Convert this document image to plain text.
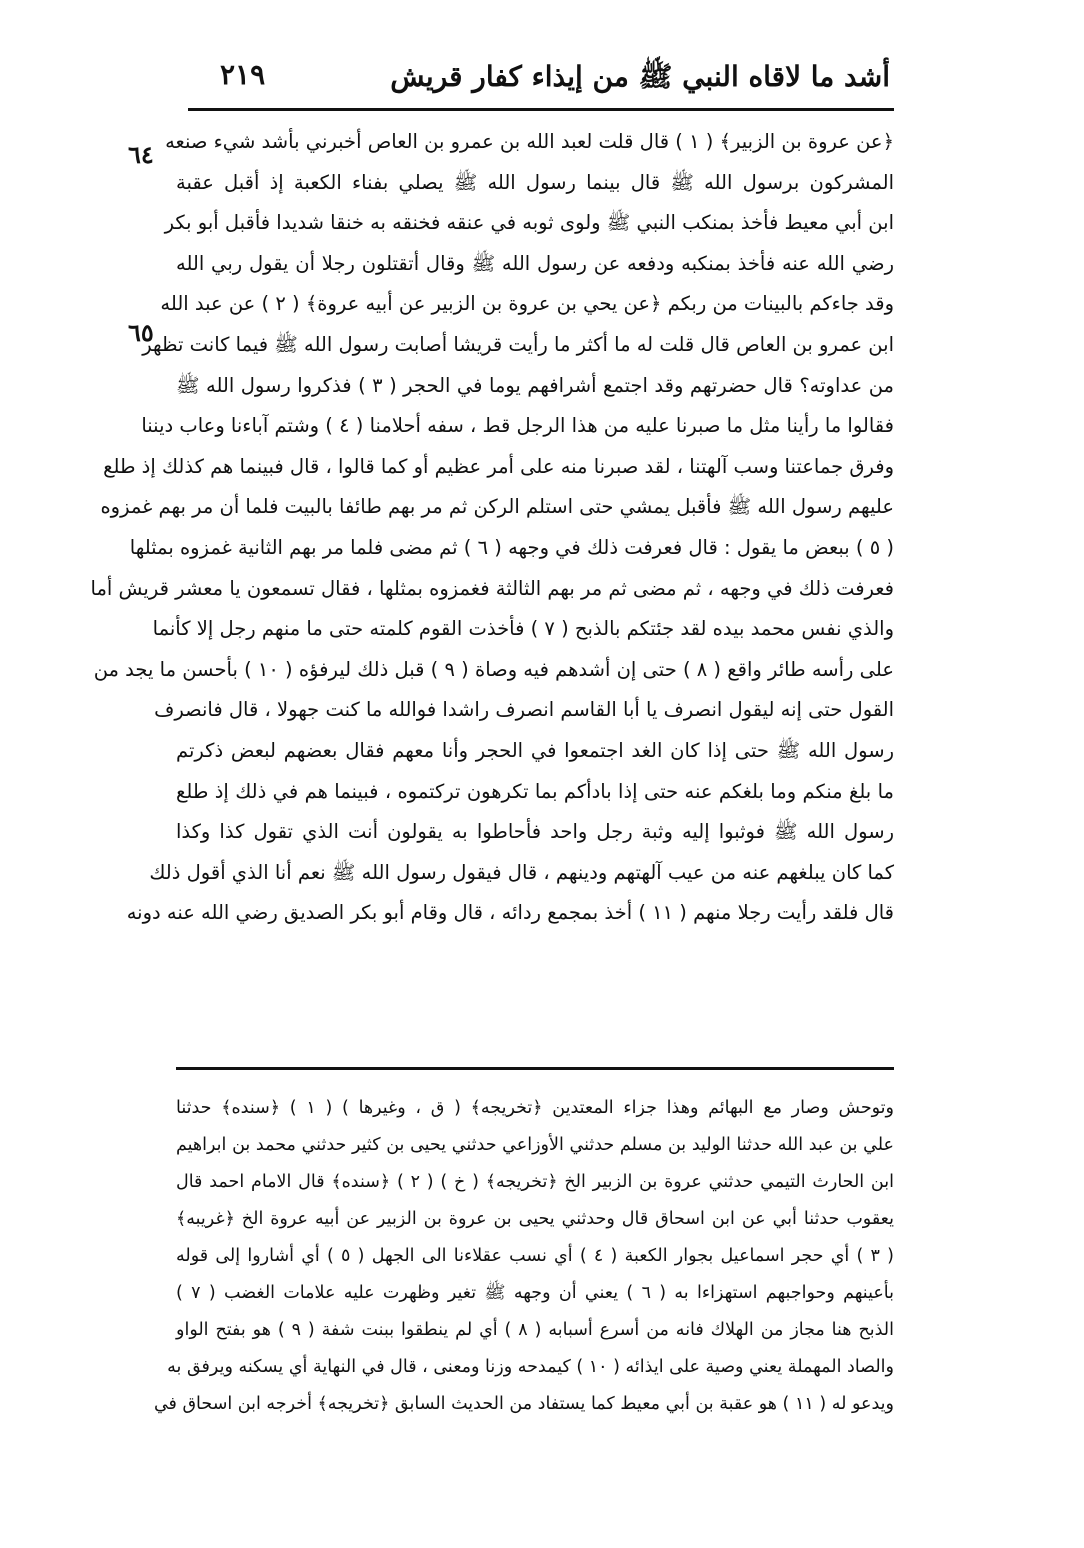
أشد ما لاقاه النبي ﷺ من إيذاء كفار قريش
٢١٩
٦٤
٦٥
﴿عن عروة بن الزبير﴾ ( ١ ) قال قلت لعبد الله بن عمرو بن العاص أخبرني بأشد شيء صنعه
المشركون برسول الله ﷺ قال بينما رسول الله ﷺ يصلي بفناء الكعبة إذ أقبل عقبة
ابن أبي معيط فأخذ بمنكب النبي ﷺ ولوى ثوبه في عنقه فخنقه به خنقا شديدا فأقبل أبو بكر
رضي الله عنه فأخذ بمنكبه ودفعه عن رسول الله ﷺ وقال أتقتلون رجلا أن يقول ربي الله
وقد جاءكم بالبينات من ربكم ﴿عن يحي بن عروة بن الزبير عن أبيه عروة﴾ ( ٢ ) عن عبد الله
ابن عمرو بن العاص قال قلت له ما أكثر ما رأيت قريشا أصابت رسول الله ﷺ فيما كانت تظهر
من عداوته؟ قال حضرتهم وقد اجتمع أشرافهم يوما في الحجر ( ٣ ) فذكروا رسول الله ﷺ
فقالوا ما رأينا مثل ما صبرنا عليه من هذا الرجل قط ، سفه أحلامنا ( ٤ ) وشتم آباءنا وعاب ديننا
وفرق جماعتنا وسب آلهتنا ، لقد صبرنا منه على أمر عظيم أو كما قالوا ، قال فبينما هم كذلك إذ طلع
عليهم رسول الله ﷺ فأقبل يمشي حتى استلم الركن ثم مر بهم طائفا بالبيت فلما أن مر بهم غمزوه
( ٥ ) ببعض ما يقول : قال فعرفت ذلك في وجهه ( ٦ ) ثم مضى فلما مر بهم الثانية غمزوه بمثلها
فعرفت ذلك في وجهه ، ثم مضى ثم مر بهم الثالثة فغمزوه بمثلها ، فقال تسمعون يا معشر قريش أما
والذي نفس محمد بيده لقد جئتكم بالذبح ( ٧ ) فأخذت القوم كلمته حتى ما منهم رجل إلا كأنما
على رأسه طائر واقع ( ٨ ) حتى إن أشدهم فيه وصاة ( ٩ ) قبل ذلك ليرفؤه ( ١٠ ) بأحسن ما يجد من
القول حتى إنه ليقول انصرف يا أبا القاسم انصرف راشدا فوالله ما كنت جهولا ، قال فانصرف
رسول الله ﷺ حتى إذا كان الغد اجتمعوا في الحجر وأنا معهم فقال بعضهم لبعض ذكرتم
ما بلغ منكم وما بلغكم عنه حتى إذا بادأكم بما تكرهون تركتموه ، فبينما هم في ذلك إذ طلع
رسول الله ﷺ فوثبوا إليه وثبة رجل واحد فأحاطوا به يقولون أنت الذي تقول كذا وكذا
كما كان يبلغهم عنه من عيب آلهتهم ودينهم ، قال فيقول رسول الله ﷺ نعم أنا الذي أقول ذلك
قال فلقد رأيت رجلا منهم ( ١١ ) أخذ بمجمع ردائه ، قال وقام أبو بكر الصديق رضي الله عنه دونه
وتوحش وصار مع البهائم وهذا جزاء المعتدين ﴿تخريجه﴾ ( ق ، وغيرها ) ( ١ ) ﴿سنده﴾ حدثنا
علي بن عبد الله حدثنا الوليد بن مسلم حدثني الأوزاعي حدثني يحيى بن كثير حدثني محمد بن ابراهيم
ابن الحارث التيمي حدثني عروة بن الزبير الخ ﴿تخريجه﴾ ( خ ) ( ٢ ) ﴿سنده﴾ قال الامام احمد قال
يعقوب حدثنا أبي عن ابن اسحاق قال وحدثني يحيى بن عروة بن الزبير عن أبيه عروة الخ ﴿غريبه﴾
( ٣ ) أي حجر اسماعيل بجوار الكعبة ( ٤ ) أي نسب عقلاءنا الى الجهل ( ٥ ) أي أشاروا إلى قوله
بأعينهم وحواجبهم استهزاءا به ( ٦ ) يعني أن وجهه ﷺ تغير وظهرت عليه علامات الغضب ( ٧ )
الذبح هنا مجاز من الهلاك فانه من أسرع أسبابه ( ٨ ) أي لم ينطقوا ببنت شفة ( ٩ ) هو بفتح الواو
والصاد المهملة يعني وصية على ايذائه ( ١٠ ) كيمدحه وزنا ومعنى ، قال في النهاية أي يسكنه ويرفق به
ويدعو له ( ١١ ) هو عقبة بن أبي معيط كما يستفاد من الحديث السابق ﴿تخريجه﴾ أخرجه ابن اسحاق في
